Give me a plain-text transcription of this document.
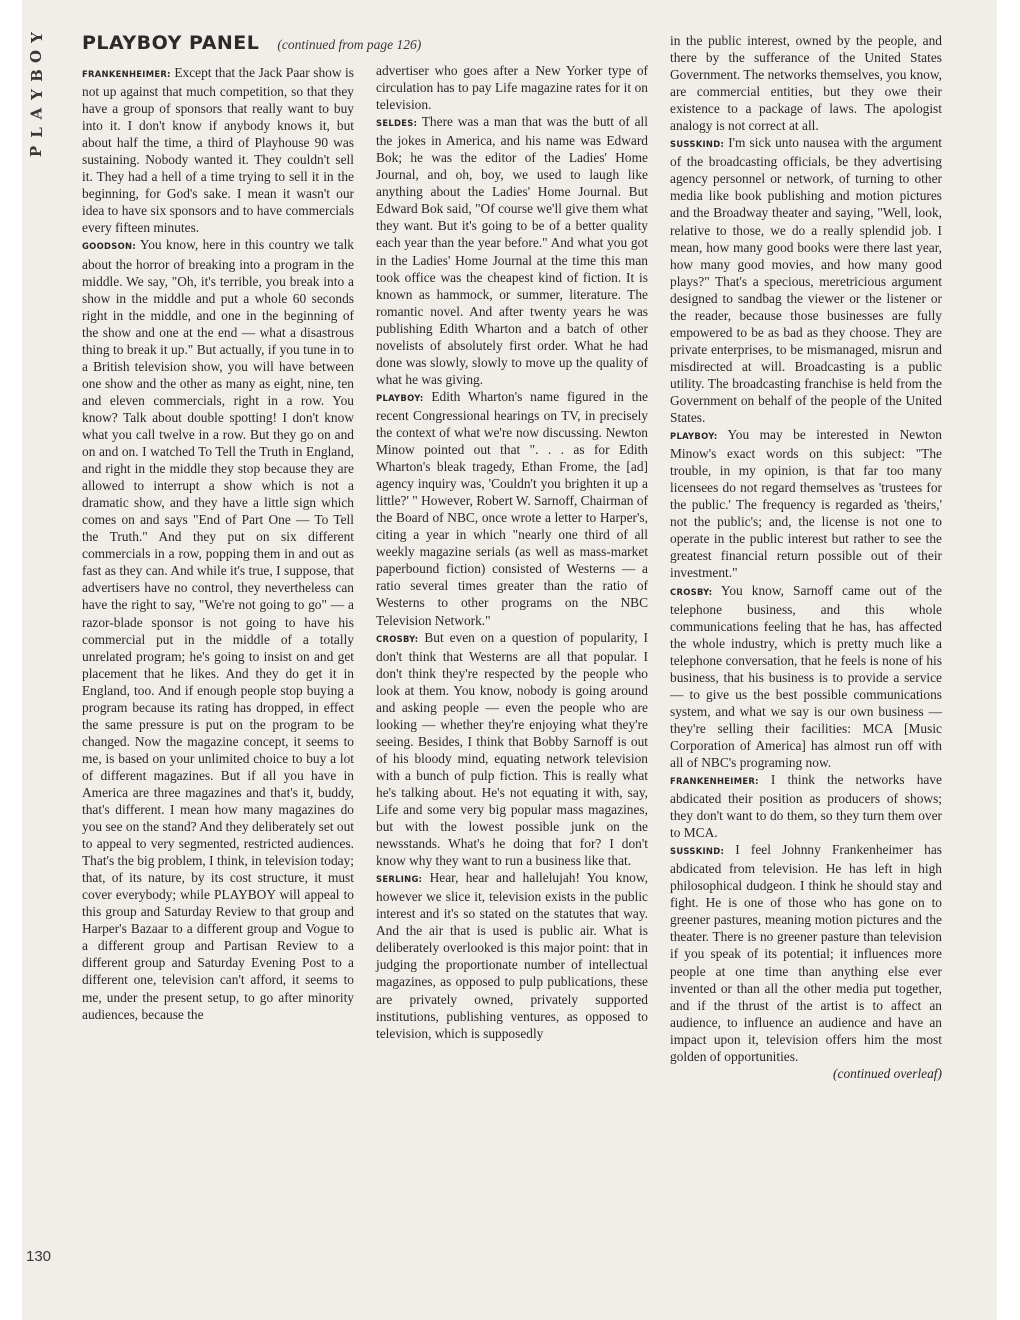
Y
O
B
Y
A
L
P
130
PLAYBOY PANEL (continued from page 126)

FRANKENHEIMER: Except that the Jack Paar show is not up against that much competition, so that they have a group of sponsors that really want to buy into it. I don't know if anybody knows it, but about half the time, a third of Playhouse 90 was sustaining. Nobody wanted it. They couldn't sell it. They had a hell of a time trying to sell it in the beginning, for God's sake. I mean it wasn't our idea to have six sponsors and to have commercials every fifteen minutes.

GOODSON: You know, here in this country we talk about the horror of breaking into a program in the middle. We say, "Oh, it's terrible, you break into a show in the middle and put a whole 60 seconds right in the middle, and one in the beginning of the show and one at the end — what a disastrous thing to break it up." But actually, if you tune in to a British television show, you will have between one show and the other as many as eight, nine, ten and eleven commercials, right in a row. You know? Talk about double spotting! I don't know what you call twelve in a row. But they go on and on and on. I watched To Tell the Truth in England, and right in the middle they stop because they are allowed to interrupt a show which is not a dramatic show, and they have a little sign which comes on and says "End of Part One — To Tell the Truth." And they put on six different commercials in a row, popping them in and out as fast as they can. And while it's true, I suppose, that advertisers have no control, they nevertheless can have the right to say, "We're not going to go" — a razor-blade sponsor is not going to have his commercial put in the middle of a totally unrelated program; he's going to insist on and get placement that he likes. And they do get it in England, too. And if enough people stop buying a program because its rating has dropped, in effect the same pressure is put on the program to be changed. Now the magazine concept, it seems to me, is based on your unlimited choice to buy a lot of different magazines. But if all you have in America are three magazines and that's it, buddy, that's different. I mean how many magazines do you see on the stand? And they deliberately set out to appeal to very segmented, restricted audiences. That's the big problem, I think, in television today; that, of its nature, by its cost structure, it must cover everybody; while PLAYBOY will appeal to this group and Saturday Review to that group and Harper's Bazaar to a different group and Vogue to a different group and Partisan Review to a different group and Saturday Evening Post to a different one, television can't afford, it seems to me, under the present setup, to go after minority audiences, because the

advertiser who goes after a New Yorker type of circulation has to pay Life magazine rates for it on television.

SELDES: There was a man that was the butt of all the jokes in America, and his name was Edward Bok; he was the editor of the Ladies' Home Journal, and oh, boy, we used to laugh like anything about the Ladies' Home Journal. But Edward Bok said, "Of course we'll give them what they want. But it's going to be of a better quality each year than the year before." And what you got in the Ladies' Home Journal at the time this man took office was the cheapest kind of fiction. It is known as hammock, or summer, literature. The romantic novel. And after twenty years he was publishing Edith Wharton and a batch of other novelists of absolutely first order. What he had done was slowly, slowly to move up the quality of what he was giving.

PLAYBOY: Edith Wharton's name figured in the recent Congressional hearings on TV, in precisely the context of what we're now discussing. Newton Minow pointed out that ". . . as for Edith Wharton's bleak tragedy, Ethan Frome, the [ad] agency inquiry was, 'Couldn't you brighten it up a little?' " However, Robert W. Sarnoff, Chairman of the Board of NBC, once wrote a letter to Harper's, citing a year in which "nearly one third of all weekly magazine serials (as well as mass-market paperbound fiction) consisted of Westerns — a ratio several times greater than the ratio of Westerns to other programs on the NBC Television Network."

CROSBY: But even on a question of popularity, I don't think that Westerns are all that popular. I don't think they're respected by the people who look at them. You know, nobody is going around and asking people — even the people who are looking — whether they're enjoying what they're seeing. Besides, I think that Bobby Sarnoff is out of his bloody mind, equating network television with a bunch of pulp fiction. This is really what he's talking about. He's not equating it with, say, Life and some very big popular mass magazines, but with the lowest possible junk on the newsstands. What's he doing that for? I don't know why they want to run a business like that.

SERLING: Hear, hear and hallelujah! You know, however we slice it, television exists in the public interest and it's so stated on the statutes that way. And the air that is used is public air. What is deliberately overlooked is this major point: that in judging the proportionate number of intellectual magazines, as opposed to pulp publications, these are privately owned, privately supported institutions, publishing ventures, as opposed to television, which is supposedly

in the public interest, owned by the people, and there by the sufferance of the United States Government. The networks themselves, you know, are commercial entities, but they owe their existence to a package of laws. The apologist analogy is not correct at all.

SUSSKIND: I'm sick unto nausea with the argument of the broadcasting officials, be they advertising agency personnel or network, of turning to other media like book publishing and motion pictures and the Broadway theater and saying, "Well, look, relative to those, we do a really splendid job. I mean, how many good books were there last year, how many good movies, and how many good plays?" That's a specious, meretricious argument designed to sandbag the viewer or the listener or the reader, because those businesses are fully empowered to be as bad as they choose. They are private enterprises, to be mismanaged, misrun and misdirected at will. Broadcasting is a public utility. The broadcasting franchise is held from the Government on behalf of the people of the United States.

PLAYBOY: You may be interested in Newton Minow's exact words on this subject: "The trouble, in my opinion, is that far too many licensees do not regard themselves as 'trustees for the public.' The frequency is regarded as 'theirs,' not the public's; and, the license is not one to operate in the public interest but rather to see the greatest financial return possible out of their investment."

CROSBY: You know, Sarnoff came out of the telephone business, and this whole communications feeling that he has, has affected the whole industry, which is pretty much like a telephone conversation, that he feels is none of his business, that his business is to provide a service — to give us the best possible communications system, and what we say is our own business — they're selling their facilities: MCA [Music Corporation of America] has almost run off with all of NBC's programing now.

FRANKENHEIMER: I think the networks have abdicated their position as producers of shows; they don't want to do them, so they turn them over to MCA.

SUSSKIND: I feel Johnny Frankenheimer has abdicated from television. He has left in high philosophical dudgeon. I think he should stay and fight. He is one of those who has gone on to greener pastures, meaning motion pictures and the theater. There is no greener pasture than television if you speak of its potential; it influences more people at one time than anything else ever invented or than all the other media put together, and if the thrust of the artist is to affect an audience, to influence an audience and have an impact upon it, television offers him the most golden of opportunities.

(continued overleaf)
